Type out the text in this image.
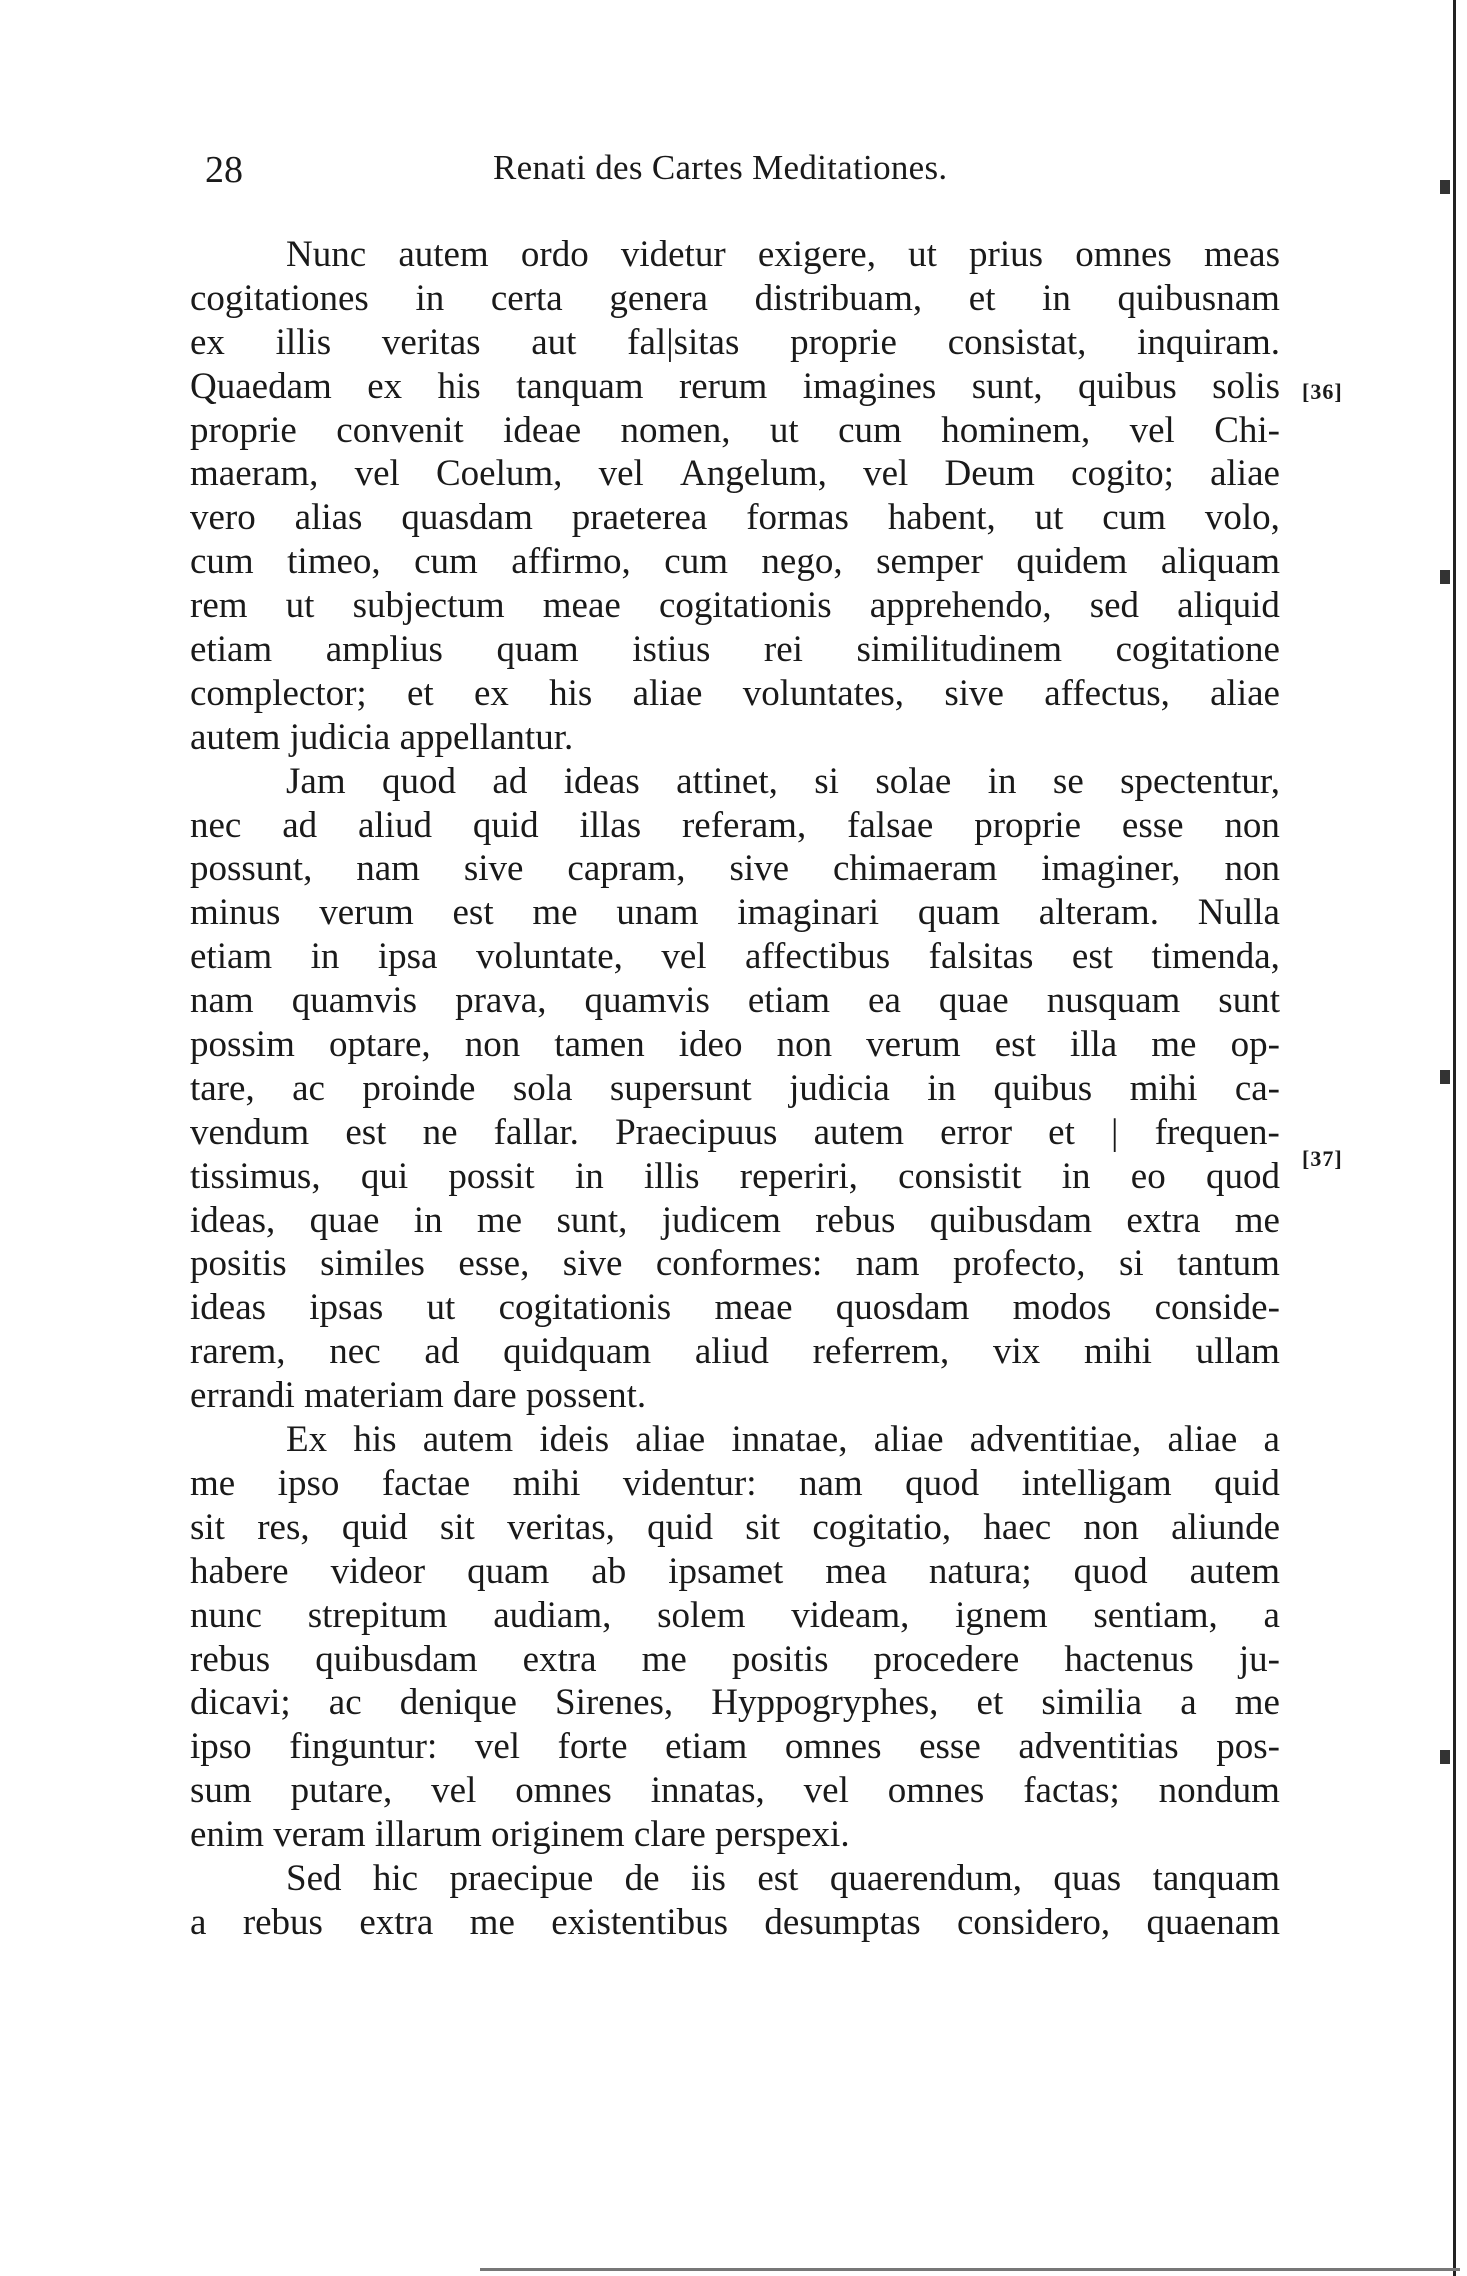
28	Renati des Cartes Meditationes.
Nunc autem ordo videtur exigere, ut prius omnes meas
cogitationes in certa genera distribuam, et in quibusnam
ex illis veritas aut fal|sitas proprie consistat, inquiram.
Quaedam ex his tanquam rerum imagines sunt, quibus solis
proprie convenit ideae nomen, ut cum hominem, vel Chi-
maeram, vel Coelum, vel Angelum, vel Deum cogito; aliae
vero alias quasdam praeterea formas habent, ut cum volo,
cum timeo, cum affirmo, cum nego, semper quidem aliquam
rem ut subjectum meae cogitationis apprehendo, sed aliquid
etiam amplius quam istius rei similitudinem cogitatione
complector; et ex his aliae voluntates, sive affectus, aliae
autem judicia appellantur.
Jam quod ad ideas attinet, si solae in se spectentur,
nec ad aliud quid illas referam, falsae proprie esse non
possunt, nam sive capram, sive chimaeram imaginer, non
minus verum est me unam imaginari quam alteram. Nulla
etiam in ipsa voluntate, vel affectibus falsitas est timenda,
nam quamvis prava, quamvis etiam ea quae nusquam sunt
possim optare, non tamen ideo non verum est illa me op-
tare, ac proinde sola supersunt judicia in quibus mihi ca-
vendum est ne fallar. Praecipuus autem error et | frequen-
tissimus, qui possit in illis reperiri, consistit in eo quod
ideas, quae in me sunt, judicem rebus quibusdam extra me
positis similes esse, sive conformes: nam profecto, si tantum
ideas ipsas ut cogitationis meae quosdam modos conside-
rarem, nec ad quidquam aliud referrem, vix mihi ullam
errandi materiam dare possent.
Ex his autem ideis aliae innatae, aliae adventitiae, aliae a
me ipso factae mihi videntur: nam quod intelligam quid
sit res, quid sit veritas, quid sit cogitatio, haec non aliunde
habere videor quam ab ipsamet mea natura; quod autem
nunc strepitum audiam, solem videam, ignem sentiam, a
rebus quibusdam extra me positis procedere hactenus ju-
dicavi; ac denique Sirenes, Hyppogryphes, et similia a me
ipso finguntur: vel forte etiam omnes esse adventitias pos-
sum putare, vel omnes innatas, vel omnes factas; nondum
enim veram illarum originem clare perspexi.
Sed hic praecipue de iis est quaerendum, quas tanquam
a rebus extra me existentibus desumptas considero, quaenam
[36]
[37]
